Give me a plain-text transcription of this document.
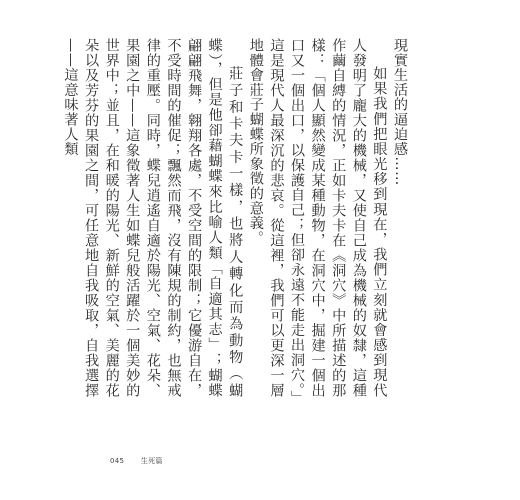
現實生活的逼迫感……

如果我們把眼光移到現在，我們立刻就會感到現代人發明了龐大的機械，又使自己成為機械的奴隸，這種作繭自縛的情況，正如卡夫卡在《洞穴》中所描述的那樣：「個人顯然變成某種動物，在洞穴中，掘建一個出口又一個出口，以保護自己；但卻永遠不能走出洞穴。」這是現代人最深沉的悲哀。從這裡，我們可以更深一層地體會莊子蝴蝶所象徵的意義。

莊子和卡夫卡一樣，也將人轉化而為動物（蝴蝶），但是他卻藉蝴蝶來比喻人類「自適其志」；蝴蝶翩翩飛舞，翱翔各處，不受空間的限制；它優游自在，不受時間的催促；飄然而飛，沒有陳規的制約，也無戒律的重壓。同時，蝶兒逍遙自適於陽光、空氣、花朵、果園之中——這象徵著人生如蝶兒般活躍於一個美妙的世界中；並且，在和暖的陽光、新鮮的空氣、美麗的花朵以及芳芬的果園之間，可任意地自我吸取，自我選擇——這意味著人類

045 生死篇
